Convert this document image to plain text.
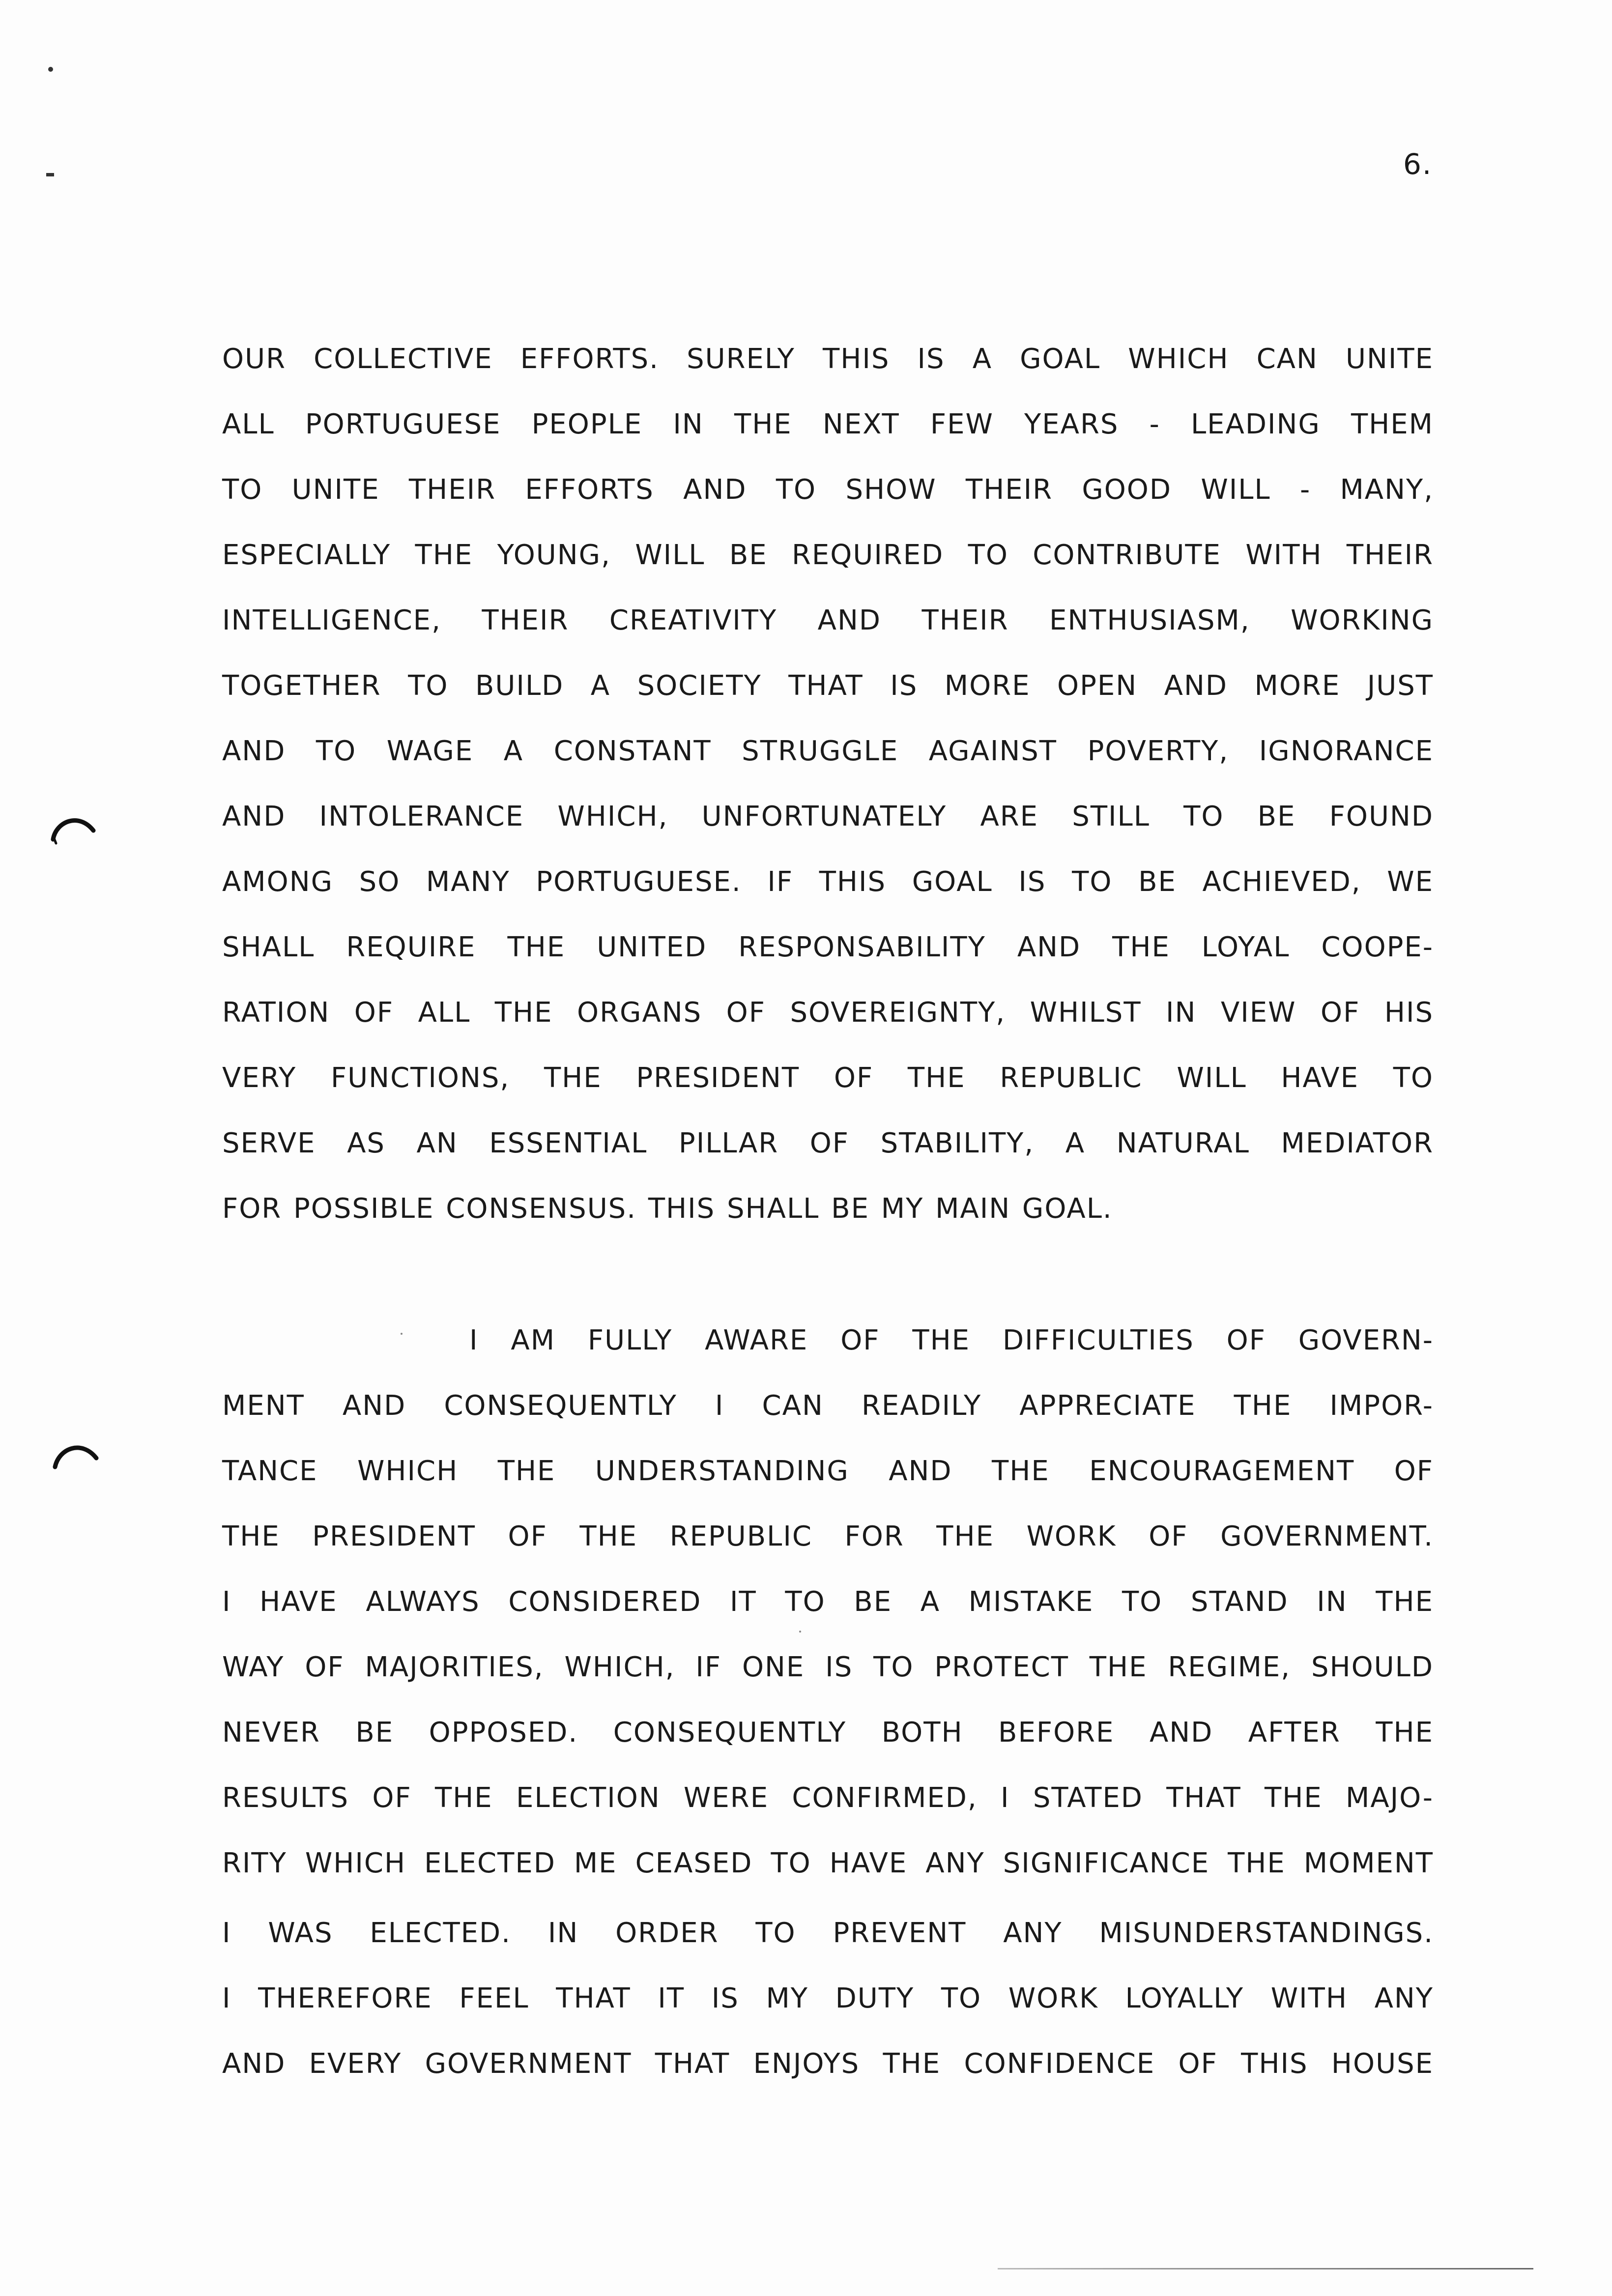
6.
OUR COLLECTIVE EFFORTS. SURELY THIS IS A GOAL WHICH CAN UNITE
ALL PORTUGUESE PEOPLE IN THE NEXT FEW YEARS - LEADING THEM
TO UNITE THEIR EFFORTS AND TO SHOW THEIR GOOD WILL - MANY,
ESPECIALLY THE YOUNG, WILL BE REQUIRED TO CONTRIBUTE WITH THEIR
INTELLIGENCE, THEIR CREATIVITY AND THEIR ENTHUSIASM, WORKING
TOGETHER TO BUILD A SOCIETY THAT IS MORE OPEN AND MORE JUST
AND TO WAGE A CONSTANT STRUGGLE AGAINST POVERTY, IGNORANCE
AND INTOLERANCE WHICH, UNFORTUNATELY ARE STILL TO BE FOUND
AMONG SO MANY PORTUGUESE. IF THIS GOAL IS TO BE ACHIEVED, WE
SHALL REQUIRE THE UNITED RESPONSABILITY AND THE LOYAL COOPE-
RATION OF ALL THE ORGANS OF SOVEREIGNTY, WHILST IN VIEW OF HIS
VERY FUNCTIONS, THE PRESIDENT OF THE REPUBLIC WILL HAVE TO
SERVE AS AN ESSENTIAL PILLAR OF STABILITY, A NATURAL MEDIATOR
FOR POSSIBLE CONSENSUS. THIS SHALL BE MY MAIN GOAL.
I AM FULLY AWARE OF THE DIFFICULTIES OF GOVERN-
MENT AND CONSEQUENTLY I CAN READILY APPRECIATE THE IMPOR-
TANCE WHICH THE UNDERSTANDING AND THE ENCOURAGEMENT OF
THE PRESIDENT OF THE REPUBLIC FOR THE WORK OF GOVERNMENT.
I HAVE ALWAYS CONSIDERED IT TO BE A MISTAKE TO STAND IN THE
WAY OF MAJORITIES, WHICH, IF ONE IS TO PROTECT THE REGIME, SHOULD
NEVER BE OPPOSED. CONSEQUENTLY BOTH BEFORE AND AFTER THE
RESULTS OF THE ELECTION WERE CONFIRMED, I STATED THAT THE MAJO-
RITY WHICH ELECTED ME CEASED TO HAVE ANY SIGNIFICANCE THE MOMENT
I WAS ELECTED. IN ORDER TO PREVENT ANY MISUNDERSTANDINGS.
I THEREFORE FEEL THAT IT IS MY DUTY TO WORK LOYALLY WITH ANY
AND EVERY GOVERNMENT THAT ENJOYS THE CONFIDENCE OF THIS HOUSE
